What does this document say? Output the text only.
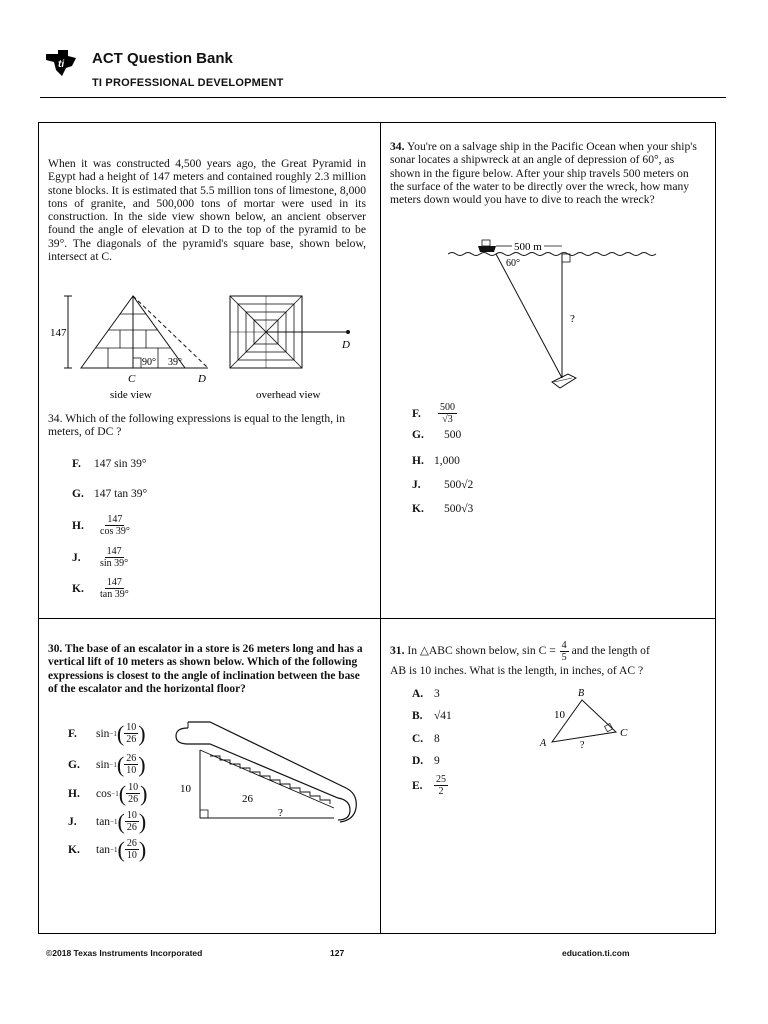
ti ACT Question Bank
TI PROFESSIONAL DEVELOPMENT
When it was constructed 4,500 years ago, the Great Pyramid in Egypt had a height of 147 meters and contained roughly 2.3 million stone blocks. It is estimated that 5.5 million tons of limestone, 8,000 tons of granite, and 500,000 tons of mortar were used in its construction. In the side view shown below, an ancient observer found the angle of elevation at D to the top of the pyramid to be 39°. The diagonals of the pyramid's square base, shown below, intersect at C.
147
90° 39°
C	D
side view
D
overhead view
34. Which of the following expressions is equal to the length, in meters, of DC ?
F.	147 sin 39°
G. 147 tan 39°
H.	$\frac{147}{\cos 39^\circ}$
J.	$\frac{147}{\sin 39^\circ}$
K.	$\frac{147}{\tan 39^\circ}$
34. You're on a salvage ship in the Pacific Ocean when your ship's sonar locates a shipwreck at an angle of depression of 60°, as shown in the figure below. After your ship travels 500 meters on the surface of the water to be directly over the wreck, how many meters down would you have to dive to reach the wreck?
500 m
60°
?
F.	$\frac{500}{√3}$
G.	500
H. 1,000
J.	500√2
K.	500√3
30. The base of an escalator in a store is 26 meters long and has a vertical lift of 10 meters as shown below. Which of the following expressions is closest to the angle of inclination between the base of the escalator and the horizontal floor?
10
26
?
F.	sin −1 ( $\frac{10}{26}$ )
G.	sin −1 ( $\frac{26}{10}$ )
H.	cos −1 ( $\frac{10}{26}$ )
J.	tan −1 ( $\frac{10}{26}$ )
K.	tan −1 ( $\frac{26}{10}$ )
31. In △ABC shown below, $\sin C = \frac{4}{5}$ and the length of
AB is 10 inches. What is the length, in inches, of AC ?
B
A
C
10
?
A. 3
B. √41
C. 8
D. 9
E.	$\frac{25}{2}$
©2018 Texas Instruments Incorporated	127	education.ti.com
